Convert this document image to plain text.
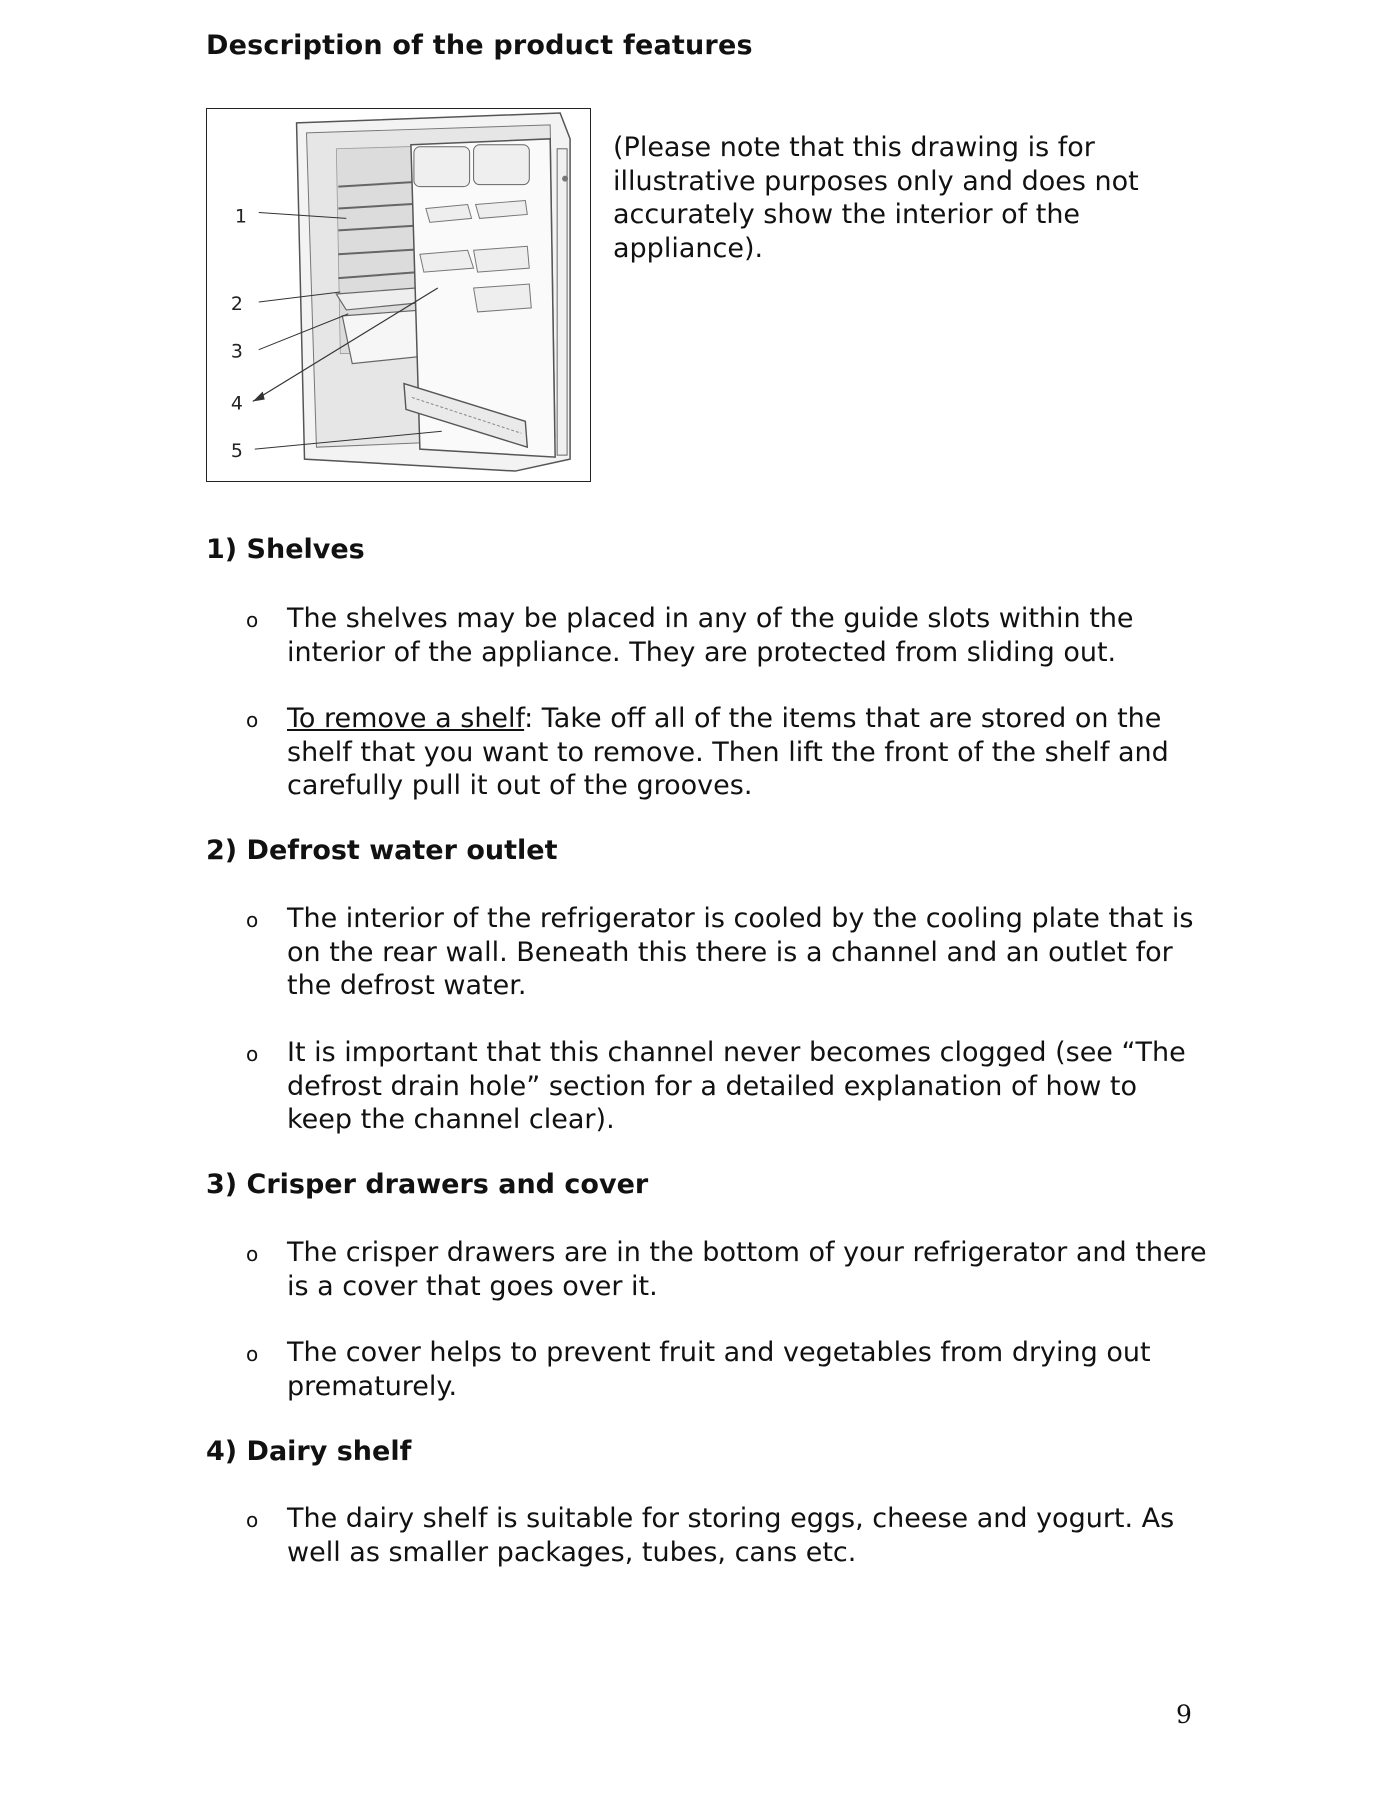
Description of the product features
1
2
3
4
5
(Please note that this drawing is for illustrative purposes only and does not accurately show the interior of the appliance).
1) Shelves
o The shelves may be placed in any of the guide slots within the interior of the appliance. They are protected from sliding out.
o To remove a shelf: Take off all of the items that are stored on the shelf that you want to remove. Then lift the front of the shelf and carefully pull it out of the grooves.
2) Defrost water outlet
o The interior of the refrigerator is cooled by the cooling plate that is on the rear wall. Beneath this there is a channel and an outlet for the defrost water.
o It is important that this channel never becomes clogged (see “The defrost drain hole” section for a detailed explanation of how to keep the channel clear).
3) Crisper drawers and cover
o The crisper drawers are in the bottom of your refrigerator and there is a cover that goes over it.
o The cover helps to prevent fruit and vegetables from drying out prematurely.
4) Dairy shelf
o The dairy shelf is suitable for storing eggs, cheese and yogurt. As well as smaller packages, tubes, cans etc.
9
